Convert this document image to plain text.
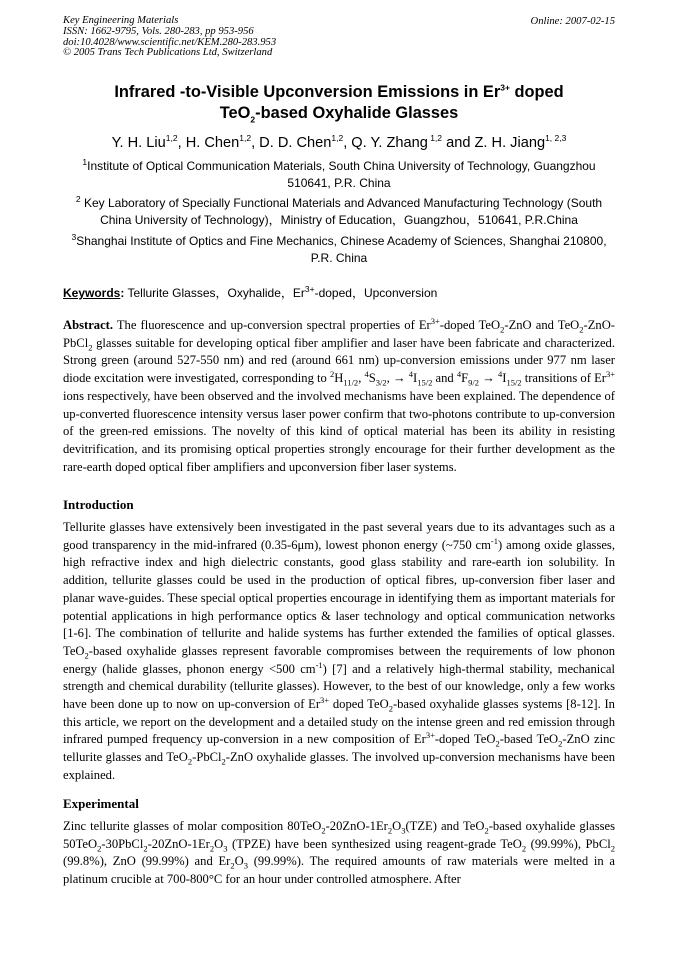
Key Engineering Materials
ISSN: 1662-9795, Vols. 280-283, pp 953-956
doi:10.4028/www.scientific.net/KEM.280-283.953
© 2005 Trans Tech Publications Ltd, Switzerland
Online: 2007-02-15
Infrared -to-Visible Upconversion Emissions in $Er^{3+}$ doped
TeO$_2$-based Oxyhalide Glasses
Y. H. Liu$^{1,2}$, H. Chen$^{1,2}$, D. D. Chen$^{1,2}$, Q. Y. Zhang $^{1,2}$ and Z. H. Jiang$^{1, 2,3}$
$^1$Institute of Optical Communication Materials, South China University of Technology, Guangzhou 510641, P.R. China
$^2$ Key Laboratory of Specially Functional Materials and Advanced Manufacturing Technology (South China University of Technology)，Ministry of Education，Guangzhou，510641, P.R.China
$^3$Shanghai Institute of Optics and Fine Mechanics, Chinese Academy of Sciences, Shanghai 210800, P.R. China
Keywords: Tellurite Glasses，Oxyhalide，$Er^{3+}$-doped，Upconversion
Abstract. The fluorescence and up-conversion spectral properties of $Er^{3+}$-doped TeO$_2$-ZnO and TeO$_2$-ZnO-PbCl$_2$ glasses suitable for developing optical fiber amplifier and laser have been fabricate and characterized. Strong green (around 527-550 nm) and red (around 661 nm) up-conversion emissions under 977 nm laser diode excitation were investigated, corresponding to $^2H_{11/2}$, $^4S_{3/2}$, → $^4I_{15/2}$ and $^4F_{9/2} \to ^4I_{15/2}$ transitions of $Er^{3+}$ ions respectively, have been observed and the involved mechanisms have been explained. The dependence of up-converted fluorescence intensity versus laser power confirm that two-photons contribute to up-conversion of the green-red emissions. The novelty of this kind of optical material has been its ability in resisting devitrification, and its promising optical properties strongly encourage for their further development as the rare-earth doped optical fiber amplifiers and upconversion fiber laser systems.
Introduction
Tellurite glasses have extensively been investigated in the past several years due to its advantages such as a good transparency in the mid-infrared (0.35-6μm), lowest phonon energy (~750 $cm^{-1}$) among oxide glasses, high refractive index and high dielectric constants, good glass stability and rare-earth ion solubility. In addition, tellurite glasses could be used in the production of optical fibres, up-conversion fiber laser and planar wave-guides. These special optical properties encourage in identifying them as important materials for potential applications in high performance optics & laser technology and optical communication networks [1-6]. The combination of tellurite and halide systems has further extended the families of optical glasses. TeO$_2$-based oxyhalide glasses represent favorable compromises between the requirements of low phonon energy (halide glasses, phonon energy <500 $cm^{-1}$) [7] and a relatively high-thermal stability, mechanical strength and chemical durability (tellurite glasses). However, to the best of our knowledge, only a few works have been done up to now on up-conversion of $Er^{3+}$ doped TeO$_2$-based oxyhalide glasses systems [8-12]. In this article, we report on the development and a detailed study on the intense green and red emission through infrared pumped frequency up-conversion in a new composition of $Er^{3+}$-doped TeO$_2$-based TeO$_2$-ZnO zinc tellurite glasses and TeO$_2$-PbCl$_2$-ZnO oxyhalide glasses. The involved up-conversion mechanisms have been explained.
Experimental
Zinc tellurite glasses of molar composition $80TeO_2-20ZnO-1Er_2O_3(TZE)$ and TeO$_2$-based oxyhalide glasses $50TeO_2-30PbCl_2-20ZnO-1Er_2O_3$ (TPZE) have been synthesized using reagent-grade TeO$_2$ (99.99%), PbCl$_2$ (99.8%), ZnO (99.99%) and $Er_2O_3$ (99.99%). The required amounts of raw materials were melted in a platinum crucible at 700-800°C for an hour under controlled atmosphere. After
